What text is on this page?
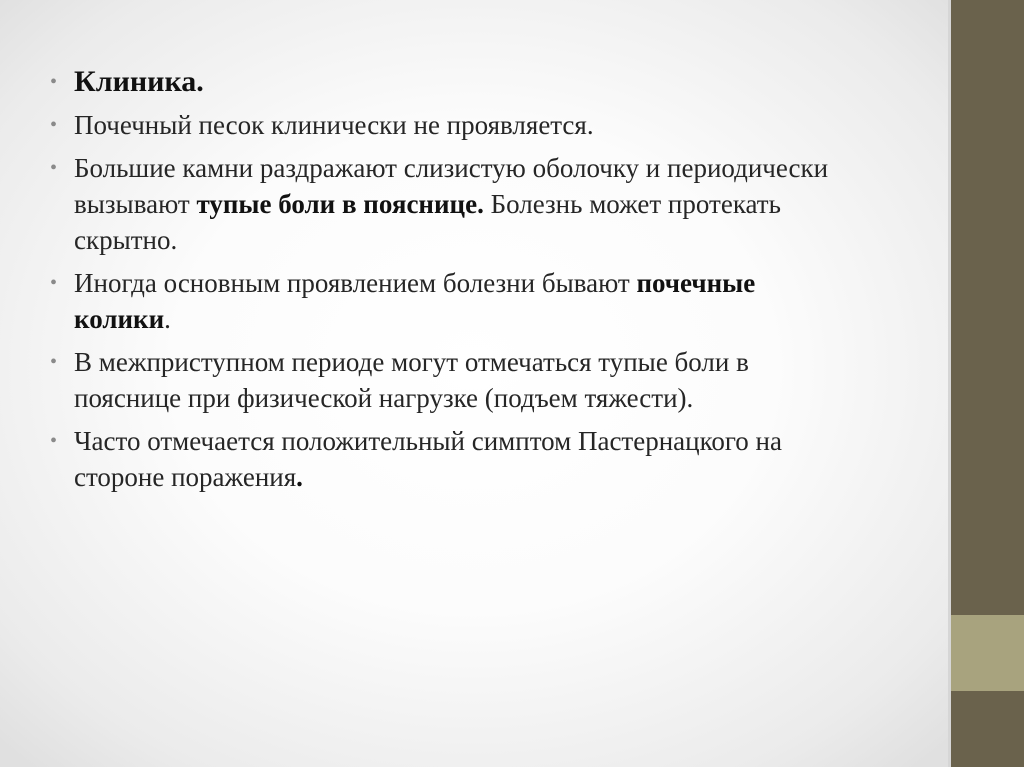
• Клиника.
• Почечный песок клинически не проявляется.
• Большие камни раздражают слизистую оболочку и периодически вызывают тупые боли в пояснице. Болезнь может протекать скрытно.
• Иногда основным проявлением болезни бывают почечные колики.
• В межприступном периоде могут отмечаться тупые боли в пояснице при физической нагрузке (подъем тяжести).
• Часто отмечается положительный симптом Пастернацкого на стороне поражения.
